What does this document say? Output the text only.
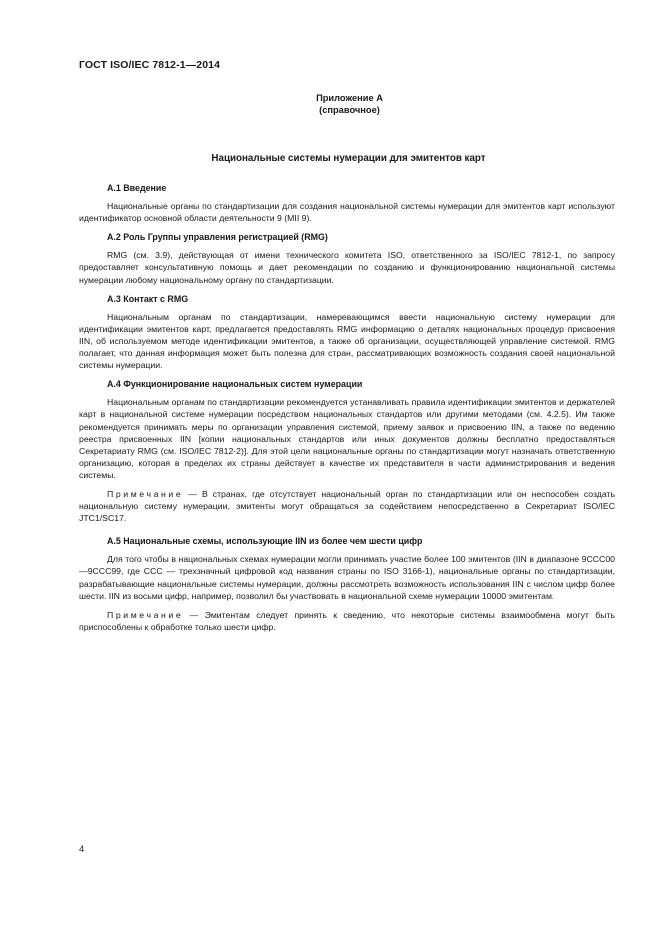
ГОСТ ISO/IEC 7812-1—2014
Приложение А
(справочное)
Национальные системы нумерации для эмитентов карт
А.1 Введение

Национальные органы по стандартизации для создания национальной системы нумерации для эмитентов карт используют идентификатор основной области деятельности 9 (MII 9).

А.2 Роль Группы управления регистрацией (RMG)

RMG (см. 3.9), действующая от имени технического комитета ISO, ответственного за ISO/IEC 7812-1, по запросу предоставляет консультативную помощь и дает рекомендации по созданию и функционированию национальной системы нумерации любому национальному органу по стандартизации.

А.3 Контакт с RMG

Национальным органам по стандартизации, намеревающимся ввести национальную систему нумерации для идентификации эмитентов карт, предлагается предоставлять RMG информацию о деталях национальных процедур присвоения IIN, об используемом методе идентификации эмитентов, а также об организации, осуществляющей управление системой. RMG полагает, что данная информация может быть полезна для стран, рассматривающих возможность создания своей национальной системы нумерации.

А.4 Функционирование национальных систем нумерации

Национальным органам по стандартизации рекомендуется устанавливать правила идентификации эмитентов и держателей карт в национальной системе нумерации посредством национальных стандартов или другими методами (см. 4.2.5). Им также рекомендуется принимать меры по организации управления системой, приему заявок и присвоению IIN, а также по ведению реестра присвоенных IIN [копии национальных стандартов или иных документов должны бесплатно предоставляться Секретариату RMG (см. ISO/IEC 7812-2)]. Для этой цели национальные органы по стандартизации могут назначать ответственную организацию, которая в пределах их страны действует в качестве их представителя в части администрирования и ведения системы.

Примечание — В странах, где отсутствует национальный орган по стандартизации или он неспособен создать национальную систему нумерации, эмитенты могут обращаться за содействием непосредственно в Секретариат ISO/IEC JTC1/SC17.

А.5 Национальные схемы, использующие IIN из более чем шести цифр

Для того чтобы в национальных схемах нумерации могли принимать участие более 100 эмитентов (IIN в диапазоне 9CCC00—9CCC99, где CCC — трехзначный цифровой код названия страны по ISO 3166-1), национальные органы по стандартизации, разрабатывающие национальные системы нумерации, должны рассмотреть возможность использования IIN с числом цифр более шести. IIN из восьми цифр, например, позволил бы участвовать в национальной схеме нумерации 10000 эмитентам.

Примечание — Эмитентам следует принять к сведению, что некоторые системы взаимообмена могут быть приспособлены к обработке только шести цифр.

4
